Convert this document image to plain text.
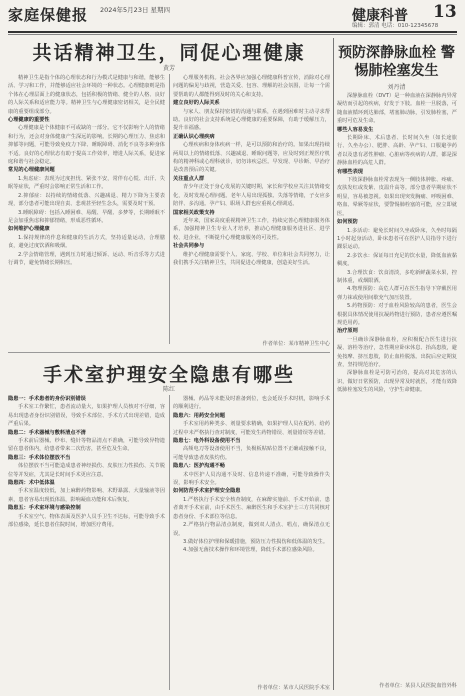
家庭保健报 2024年5月23日 星期四	健康科普 13
编辑：郭清 电话：010-12345678
共话精神卫生，同促心理健康
黄芳
精神卫生是指个体的心理状态和行为模式是健康与和谐，能够生活、学习和工作，并能够适应社会环境的一种状态。心理健康则是指个体在心理层面上的健康状态，包括积极的情绪、健全的人格、良好的人际关系和适应能力等。精神卫生与心理健康密切相关，是全民健康的重要组成部分。
心理健康的重要性
心理健康是个体健康不可或缺的一部分。它不仅影响个人的情绪和行为，还会对身体健康产生深远的影响。长期的心理压力、焦虑和抑郁等问题，可能导致免疫力下降、睡眠障碍、消化不良等多种身体不适。良好的心理状态有助于提高工作效率，增进人际关系，促进家庭和谐与社会稳定。
常见的心理健康问题
1.焦虑症：表现为过度担忧、紧张不安，常伴有心慌、出汗、失眠等症状，严重时会影响正常生活和工作。
2.抑郁症：以持续的情绪低落、兴趣减退、精力下降为主要表现，部分患者可能出现自责、悲观甚至轻生念头，需要及时干预。
3.睡眠障碍：包括入睡困难、易醒、早醒、多梦等，长期睡眠不足会加重焦虑和抑郁情绪，形成恶性循环。
如何维护心理健康
1.保持规律的作息和健康的生活方式，坚持适量运动，合理膳食，避免过度饮酒和吸烟。
2.学会情绪管理，遇到压力时通过倾诉、运动、听音乐等方式进行调节，避免情绪长期积压。
心理服务机构。社会各界应加强心理健康科普宣传，消除对心理问题的偏见与歧视，营造关爱、包容、理解的社会氛围，让每一个需要帮助的人都能得到及时的关心和支持。
建立良好的人际关系
与家人、朋友保持密切的沟通与联系，在遇到困难时主动寻求帮助。良好的社会支持系统是心理健康的重要保障，有助于缓解压力，提升幸福感。
正确认识心理疾病
心理疾病和身体疾病一样，是可以预防和治疗的。如果出现持续两周以上的情绪低落、兴趣减退、睡眠问题等，应及时到正规医疗机构的精神科或心理科就诊，切勿讳疾忌医。早发现、早诊断、早治疗是改善预后的关键。
关注重点人群
青少年正处于身心发展的关键时期，家长和学校应关注其情绪变化，及时发现心理问题。老年人易出现孤独、失落等情绪，子女应多陪伴、多沟通。孕产妇、职场人群也应重视心理调适。
国家相关政策支持
近年来，国家高度重视精神卫生工作，持续完善心理健康服务体系，加强精神卫生专业人才培养，推动心理健康服务进社区、进学校、进企业，不断提升心理健康服务的可及性。
社会共同参与
维护心理健康需要个人、家庭、学校、单位和社会共同努力，让我们携手关注精神卫生，共同促进心理健康，创造美好生活。
作者单位：某市精神卫生中心
手术室护理安全隐患有哪些
陈红
隐患一：手术患者的身份识别错误
手术室工作繁忙，患者流动量大，如果护理人员核对不仔细，容易出现患者身份识别错误，导致手术部位、手术方式出现差错，造成严重后果。
隐患二：手术器械与敷料清点不清
手术前后器械、纱布、缝针等物品清点不准确，可能导致异物遗留在患者体内，给患者带来二次伤害，甚至危及生命。
隐患三：手术体位摆放不当
体位摆放不当可能造成患者神经损伤、皮肤压力性损伤、关节脱位等并发症，尤其是长时间手术更应注意。
隐患四：术中低体温
手术室温度较低，加上麻醉药物影响、术野暴露、大量输液等因素，患者容易出现低体温，影响凝血功能和术后恢复。
隐患五：手术室环境与感染控制
手术室空气、物体表面及医护人员手卫生不达标，可能导致手术部位感染，延长患者住院时间，增加医疗费用。
器械、药品等未能及时准备到位，也会延误手术时机，影响手术的顺利进行。
隐患六：用药安全问题
手术室用药种类多、剂量要求精确，如果护理人员在配药、给药过程中未严格执行查对制度，可能发生药物错误、剂量错误等差错。
隐患七：电外科设备使用不当
高频电刀等设备使用不当，负极板粘贴位置不正确或接触不良，可能导致患者皮肤灼伤。
隐患八：医护沟通不畅
术中医护人员沟通不及时、信息传递不准确，可能导致操作失误，影响手术安全。
如何防范手术室护理安全隐患
1.严格执行手术安全核查制度，在麻醉实施前、手术开始前、患者离开手术室前，由手术医生、麻醉医生和手术室护士三方共同核对患者身份、手术部位等信息。
2.严格执行物品清点制度，做到双人清点、唱点，确保清点无误。
3.做好体位护理和保暖措施，预防压力性损伤和低体温的发生。
4.加强无菌技术操作和环境管理，降低手术部位感染风险。
作者单位：某市人民医院手术室
预防深静脉血栓 警惕肺栓塞发生
刘丹清
深静脉血栓（DVT）是一种血液在深静脉内异常凝结而引起的疾病，好发于下肢。血栓一旦脱落，可随血液循环到达肺部，堵塞肺动脉，引发肺栓塞，严重时可危及生命。
哪些人容易发生
长期卧床、术后患者、长时间久坐（如长途旅行、久坐办公）、肥胖、高龄、孕产妇、口服避孕药者以及患有恶性肿瘤、心脏病等疾病的人群，都是深静脉血栓的高危人群。
有哪些表现
下肢深静脉血栓常表现为一侧肢体肿胀、疼痛、皮肤发红或发紫、皮温升高等。部分患者早期症状不明显，容易被忽视。如果出现突发胸痛、呼吸困难、咯血、晕厥等症状，要警惕肺栓塞的可能，应立即就医。
如何预防
1.多活动：避免长时间久坐或卧床，久坐时每隔1小时起身活动，卧床患者可在医护人员指导下进行踝泵运动。
2.多饮水：保证每日充足的饮水量，降低血液黏稠度。
3.合理饮食：饮食清淡，多吃新鲜蔬菜水果，控制体重，戒烟限酒。
4.物理预防：高危人群可在医生指导下穿戴医用弹力袜或使用间歇充气加压装置。
5.药物预防：对于血栓风险较高的患者，医生会根据具体情况使用抗凝药物进行预防，患者应遵医嘱规范用药。
治疗原则
一旦确诊深静脉血栓，应积极配合医生进行抗凝、溶栓等治疗，急性期应卧床休息、抬高患肢，避免按摩、挤压患肢，防止血栓脱落。出院后应定期复查，坚持规范治疗。
深静脉血栓是可防可治的，提高对其危害的认识，做好日常预防，出现异常及时就医，才能有效降低肺栓塞发生的风险，守护生命健康。
作者单位：某县人民医院血管外科
